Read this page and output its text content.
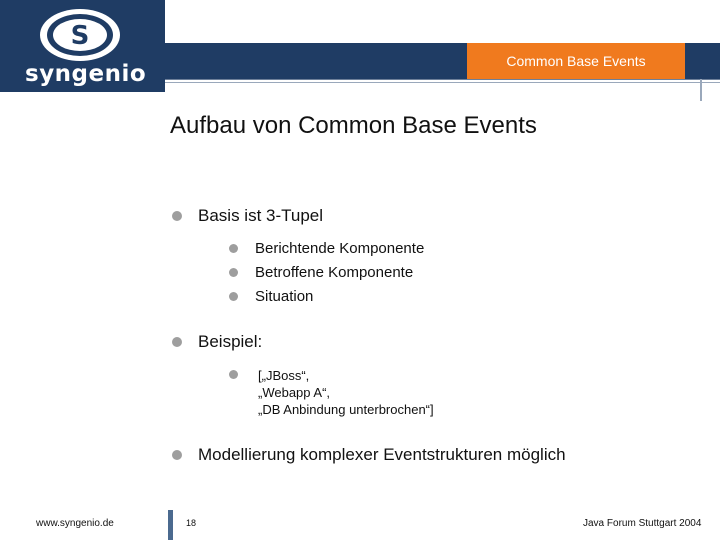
S
syngenio	Common Base Events
Aufbau von Common Base Events
Basis ist 3-Tupel
Berichtende Komponente
Betroffene Komponente
Situation
Beispiel:
[„JBoss“,
„Webapp A“,
„DB Anbindung unterbrochen“]
Modellierung komplexer Eventstrukturen möglich
www.syngenio.de	18	Java Forum Stuttgart 2004
